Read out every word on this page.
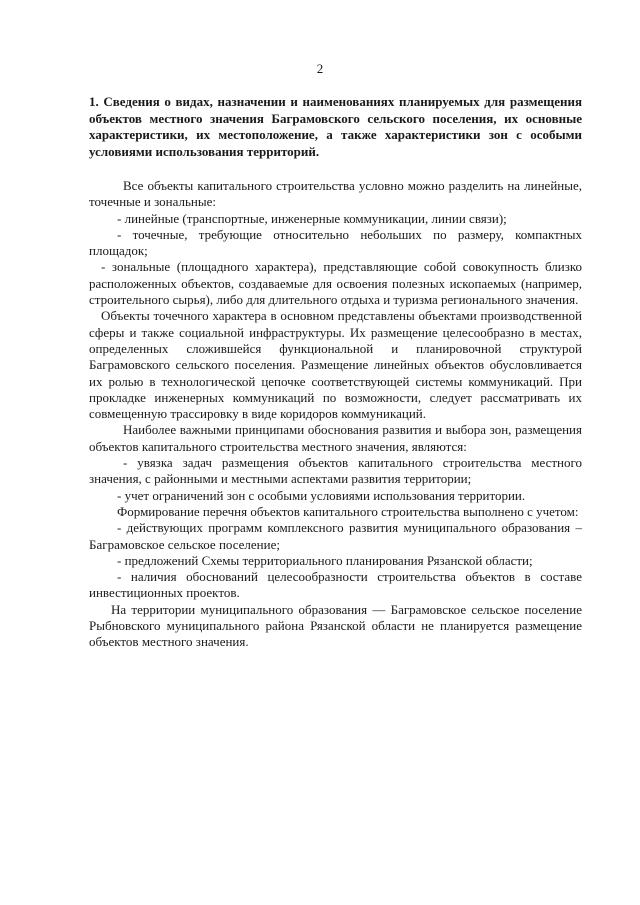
2
1. Сведения о видах, назначении и наименованиях планируемых для размещения объектов местного значения Баграмовского сельского поселения, их основные характеристики, их местоположение, а также характеристики зон с особыми условиями использования территорий.

Все объекты капитального строительства условно можно разделить на линейные, точечные и зональные:

- линейные (транспортные, инженерные коммуникации, линии связи);

- точечные, требующие относительно небольших по размеру, компактных площадок;

- зональные (площадного характера), представляющие собой совокупность близко расположенных объектов, создаваемые для освоения полезных ископаемых (например, строительного сырья), либо для длительного отдыха и туризма регионального значения.

Объекты точечного характера в основном представлены объектами производственной сферы и также социальной инфраструктуры. Их размещение целесообразно в местах, определенных сложившейся функциональной и планировочной структурой Баграмовского сельского поселения. Размещение линейных объектов обусловливается их ролью в технологической цепочке соответствующей системы коммуникаций. При прокладке инженерных коммуникаций по возможности, следует рассматривать их совмещенную трассировку в виде коридоров коммуникаций.

Наиболее важными принципами обоснования развития и выбора зон, размещения объектов капитального строительства местного значения, являются:

- увязка задач размещения объектов капитального строительства местного значения, с районными и местными аспектами развития территории;

- учет ограничений зон с особыми условиями использования территории.

Формирование перечня объектов капитального строительства выполнено с учетом:

- действующих программ комплексного развития муниципального образования – Баграмовское сельское поселение;

- предложений Схемы территориального планирования Рязанской области;

- наличия обоснований целесообразности строительства объектов в составе инвестиционных проектов.

На территории муниципального образования — Баграмовское сельское поселение Рыбновского муниципального района Рязанской области не планируется размещение объектов местного значения.
